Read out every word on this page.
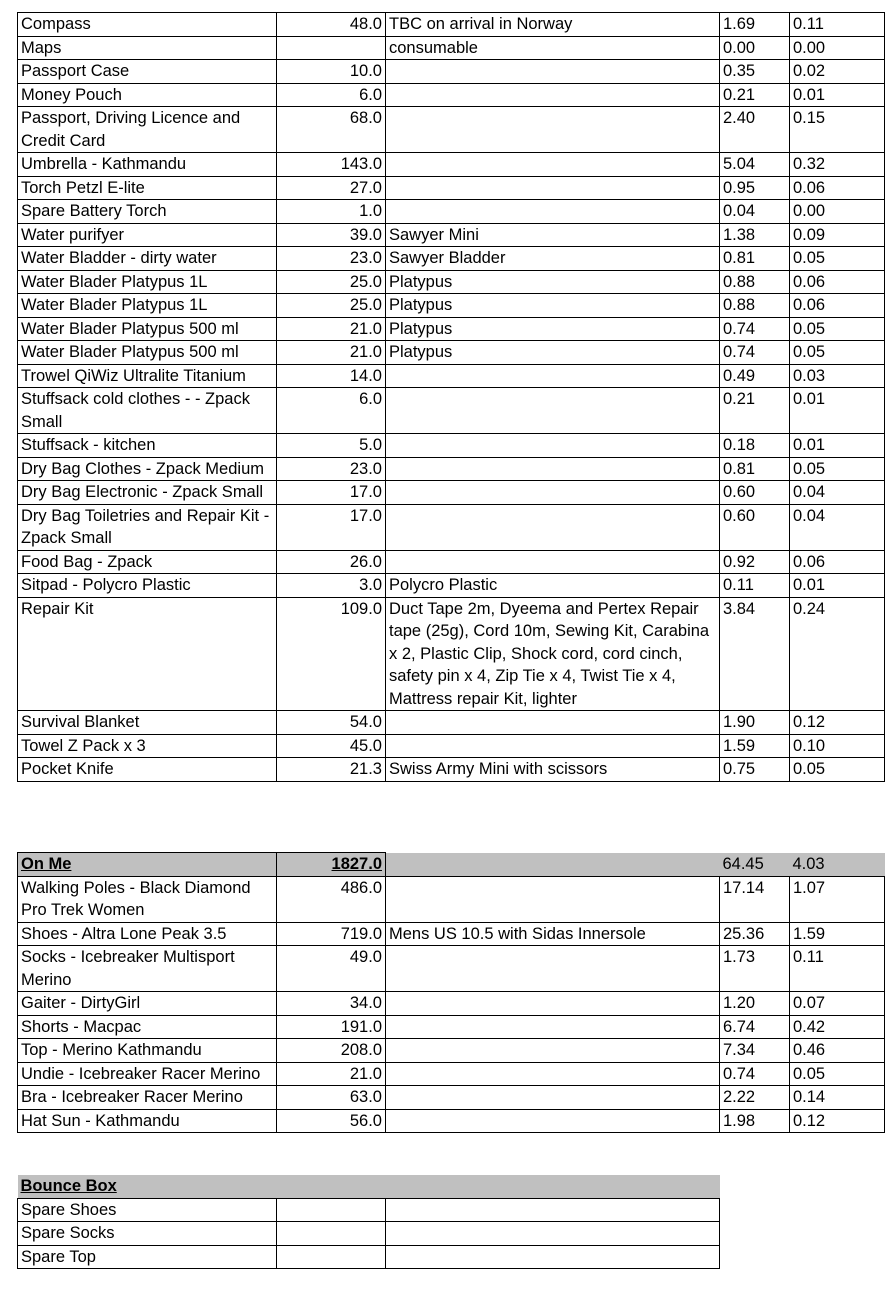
Compass	48.0	TBC on arrival in Norway	1.69	0.11
Maps		consumable	0.00	0.00
Passport Case	10.0		0.35	0.02
Money Pouch	6.0		0.21	0.01
Passport, Driving Licence and Credit Card	68.0		2.40	0.15
Umbrella - Kathmandu	143.0		5.04	0.32
Torch Petzl E-lite	27.0		0.95	0.06
Spare Battery Torch	1.0		0.04	0.00
Water purifyer	39.0	Sawyer Mini	1.38	0.09
Water Bladder - dirty water	23.0	Sawyer Bladder	0.81	0.05
Water Blader Platypus 1L	25.0	Platypus	0.88	0.06
Water Blader Platypus 1L	25.0	Platypus	0.88	0.06
Water Blader Platypus 500 ml	21.0	Platypus	0.74	0.05
Water Blader Platypus 500 ml	21.0	Platypus	0.74	0.05
Trowel QiWiz Ultralite Titanium	14.0		0.49	0.03
Stuffsack cold clothes - - Zpack Small	6.0		0.21	0.01
Stuffsack - kitchen	5.0		0.18	0.01
Dry Bag Clothes - Zpack Medium	23.0		0.81	0.05
Dry Bag Electronic - Zpack Small	17.0		0.60	0.04
Dry Bag Toiletries and Repair Kit - Zpack Small	17.0		0.60	0.04
Food Bag - Zpack	26.0		0.92	0.06
Sitpad - Polycro Plastic	3.0	Polycro Plastic	0.11	0.01
Repair Kit	109.0	Duct Tape 2m, Dyeema and Pertex Repair tape (25g), Cord 10m, Sewing Kit, Carabina x 2, Plastic Clip, Shock cord, cord cinch, safety pin x 4, Zip Tie x 4, Twist Tie x 4, Mattress repair Kit, lighter	3.84	0.24
Survival Blanket	54.0		1.90	0.12
Towel Z Pack x 3	45.0		1.59	0.10
Pocket Knife	21.3	Swiss Army Mini with scissors	0.75	0.05
On Me	1827.0		64.45	4.03
Walking Poles - Black Diamond Pro Trek Women	486.0		17.14	1.07
Shoes - Altra Lone Peak 3.5	719.0	Mens US 10.5 with Sidas Innersole	25.36	1.59
Socks - Icebreaker Multisport Merino	49.0		1.73	0.11
Gaiter - DirtyGirl	34.0		1.20	0.07
Shorts - Macpac	191.0		6.74	0.42
Top - Merino Kathmandu	208.0		7.34	0.46
Undie - Icebreaker Racer Merino	21.0		0.74	0.05
Bra - Icebreaker Racer Merino	63.0		2.22	0.14
Hat Sun - Kathmandu	56.0		1.98	0.12
Bounce Box		
Spare Shoes		
Spare Socks		
Spare Top		
